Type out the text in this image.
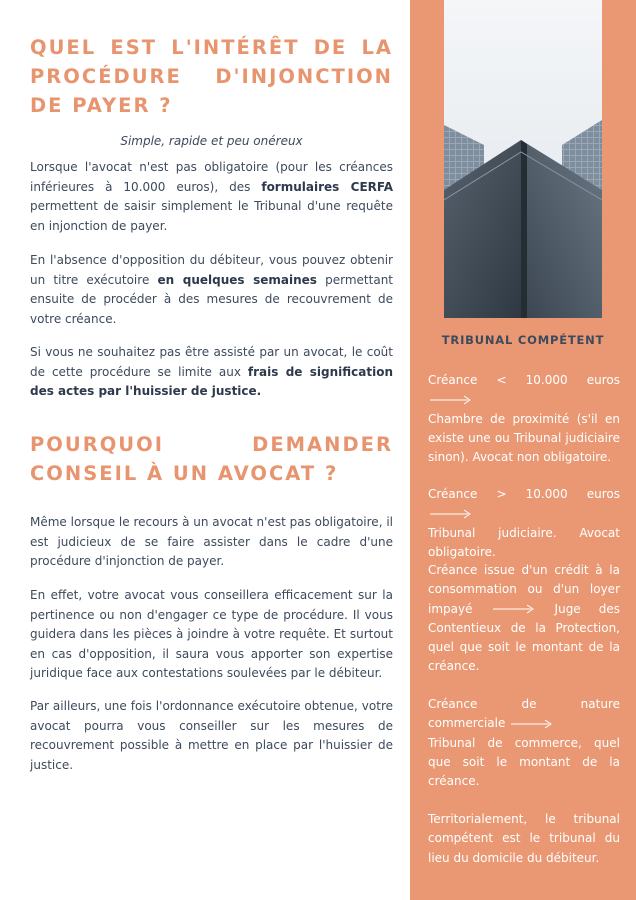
QUEL EST L'INTÉRÊT DE LA PROCÉDURE D'INJONCTION DE PAYER ?
Simple, rapide et peu onéreux

Lorsque l'avocat n'est pas obligatoire (pour les créances inférieures à 10.000 euros), des formulaires CERFA permettent de saisir simplement le Tribunal d'une requête en injonction de payer.

En l'absence d'opposition du débiteur, vous pouvez obtenir un titre exécutoire en quelques semaines permettant ensuite de procéder à des mesures de recouvrement de votre créance.

Si vous ne souhaitez pas être assisté par un avocat, le coût de cette procédure se limite aux frais de signification des actes par l'huissier de justice.

POURQUOI DEMANDER CONSEIL À UN AVOCAT ?

Même lorsque le recours à un avocat n'est pas obligatoire, il est judicieux de se faire assister dans le cadre d'une procédure d'injonction de payer.

En effet, votre avocat vous conseillera efficacement sur la pertinence ou non d'engager ce type de procédure. Il vous guidera dans les pièces à joindre à votre requête. Et surtout en cas d'opposition, il saura vous apporter son expertise juridique face aux contestations soulevées par le débiteur.

Par ailleurs, une fois l'ordonnance exécutoire obtenue, votre avocat pourra vous conseiller sur les mesures de recouvrement possible à mettre en place par l'huissier de justice.

TRIBUNAL COMPÉTENT

Créance < 10.000 euros
Chambre de proximité (s'il en existe une ou Tribunal judiciaire sinon). Avocat non obligatoire.

Créance > 10.000 euros
Tribunal judiciaire. Avocat obligatoire.

Créance issue d'un crédit à la consommation ou d'un loyer impayé	Juge des Contentieux de la Protection, quel que soit le montant de la créance.

Créance de nature commerciale
Tribunal de commerce, quel que soit le montant de la créance.

Territorialement, le tribunal compétent est le tribunal du lieu du domicile du débiteur.
